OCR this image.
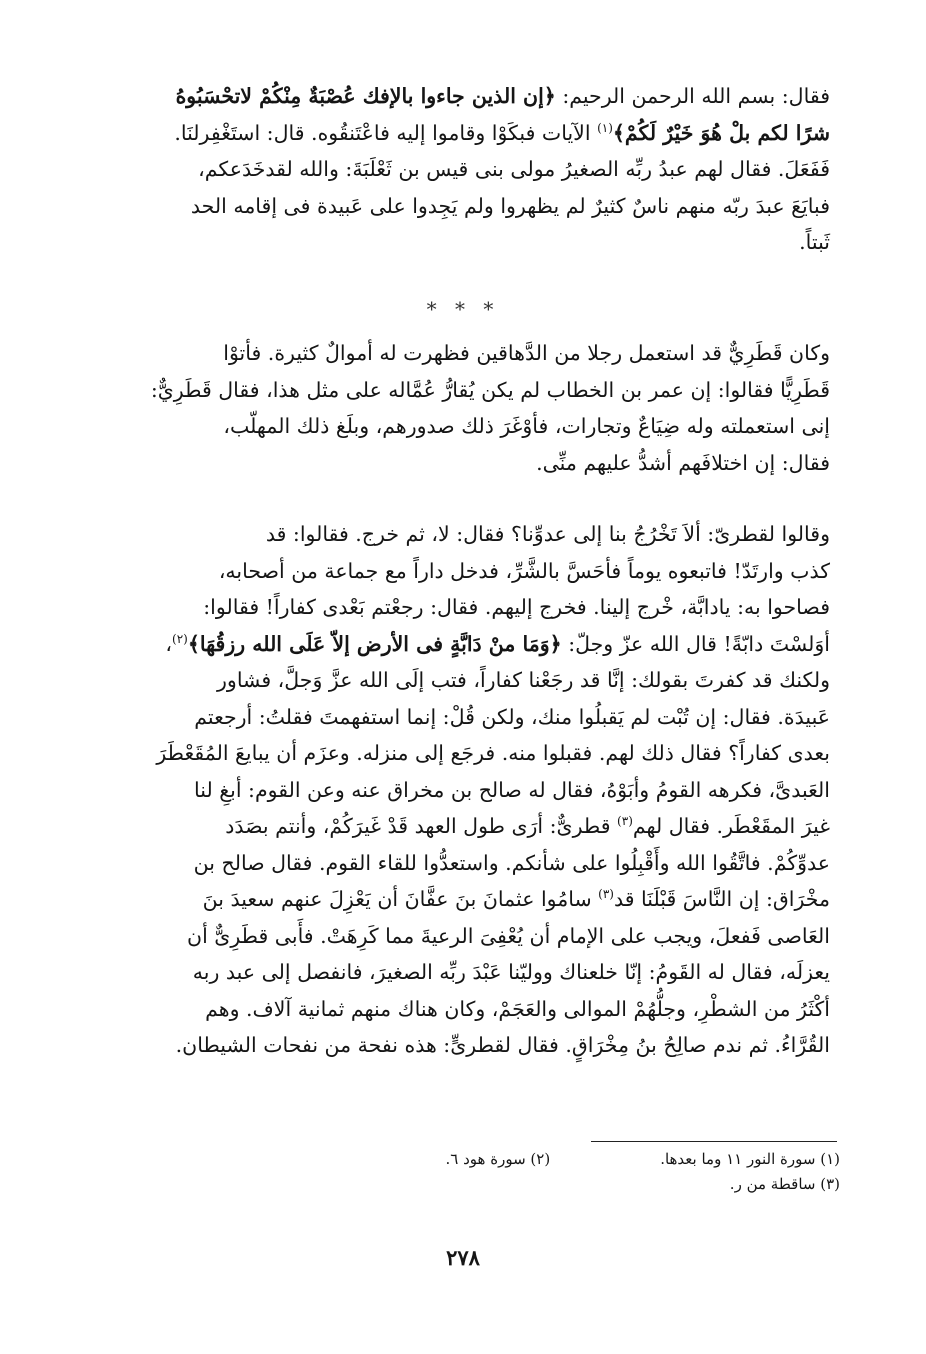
فقال: بسم الله الرحمن الرحيم: ﴿إن الذين جاءوا بالإفك عُصْبَةٌ مِنْكُمْ لاتحْسَبُوهُ

شرًا لكم بلْ هُوَ خَيْرٌ لَكُمْ﴾$^{(١)}$ الآيات فبكَوْا وقاموا إليه فاعْتَنقُوه. قال: استَغْفِرلنَا.

فَفَعَلَ. فقال لهم عبدُ ربِّه الصغيرُ مولى بنى قيس بن ثَعْلَبَةَ: والله لقدخَدَعكم،

فبايَعَ عبدَ ربّه منهم ناسٌ كثيرٌ لم يظهروا ولم يَجِدوا على عَبيدة فى إقامه الحد

ثَبتاً.

* * *

وكان قَطَرِيٌّ قد استعمل رجلا من الدَّهاقين فظهرت له أموالٌ كثيرة. فأتوْا

قَطَرِيًّا فقالوا: إن عمر بن الخطاب لم يكن يُقارُّ عُمَّاله على مثل هذا، فقال قَطَرِيٌّ:

إنى استعملته وله ضِيَاعٌ وتجارات، فأوْغَرَ ذلك صدورهم، وبلَغ ذلك المهلّب،

فقال: إن اختلافَهم أشدُّ عليهم منِّى.

وقالوا لقطرىّ: ألاَ تَخْرُجُ بنا إلى عدوِّنا؟ فقال: لا، ثم خرج. فقالوا: قد

كذب وارتَدّ! فاتبعوه يوماً فأحَسَّ بالشَّرِّ، فدخل داراً مع جماعة من أصحابه،

فصاحوا به: يادابَّة، خْرج إلينا. فخرج إليهم. فقال: رجعْتم بَعْدى كفاراً! فقالوا:

أوَلسْتَ دابّةً! قال الله عزّ وجلّ: ﴿وَمَا منْ دَابَّةٍ فى الأرض إلاّ عَلَى الله رزقُهَا﴾$^{(٢)}$،

ولكنك قد كفرتَ بقولك: إنَّا قد رجَعْنا كفاراً، فتب إلَى الله عزَّ وَجلَّ، فشاور

عَبيدَة. فقال: إن تُبْت لم يَقبلُوا منك، ولكن قُلْ: إنما استفهمتَ فقلتُ: أرجعتم

بعدى كفاراً؟ فقال ذلك لهم. فقبلوا منه. فرجَع إلى منزله. وعزَم أن يبايعَ المُقَعْطَرَ

العَبدىَّ، فكرهه القومُ وأبَوْهُ، فقال له صالح بن مخراق عنه وعن القوم: أبغِ لنا

غيرَ المقَعْطَر. فقال لهم$^{(٣)}$ قطرىٌّ: أرَى طول العهد قَدْ غَيرَكُمْ، وأنتم بصَدَد

عدوِّكُمْ. فاتَّقُوا الله وأَقْبِلُوا على شأنكم. واستعدُّوا للقاء القوم. فقال صالح بن

مخْرَاق: إن النَّاسَ قَبْلَنَا قد$^{(٣)}$ سامُوا عثمانَ بنَ عفَّانَ أن يَعْزِلَ عنهم سعيدَ بنَ

العَاصى فَفعلَ، ويجب على الإمام أن يُعْفِىَ الرعيةَ مما كَرِهَتْ. فأَبى قطَرِىٌّ أن

يعزلَه، فقال له القَومُ: إنّا خلعناك ووليّنا عَبْدَ ربِّه الصغيرَ، فانفصل إلى عبد ربه

أكْثَرُ من الشطْرِ، وجلُّهُمْ الموالى والعَجَمْ، وكان هناك منهم ثمانية آلاف. وهم

القُرَّاءُ. ثم ندم صالِحُ بنُ مِخْرَاقٍ. فقال لقطرىٍّ: هذه نفحة من نفحات الشيطان.

(١) سورة النور ١١ وما بعدها.(٢) سورة هود ٦.
(٣) ساقطة من ر.
٢٧٨
